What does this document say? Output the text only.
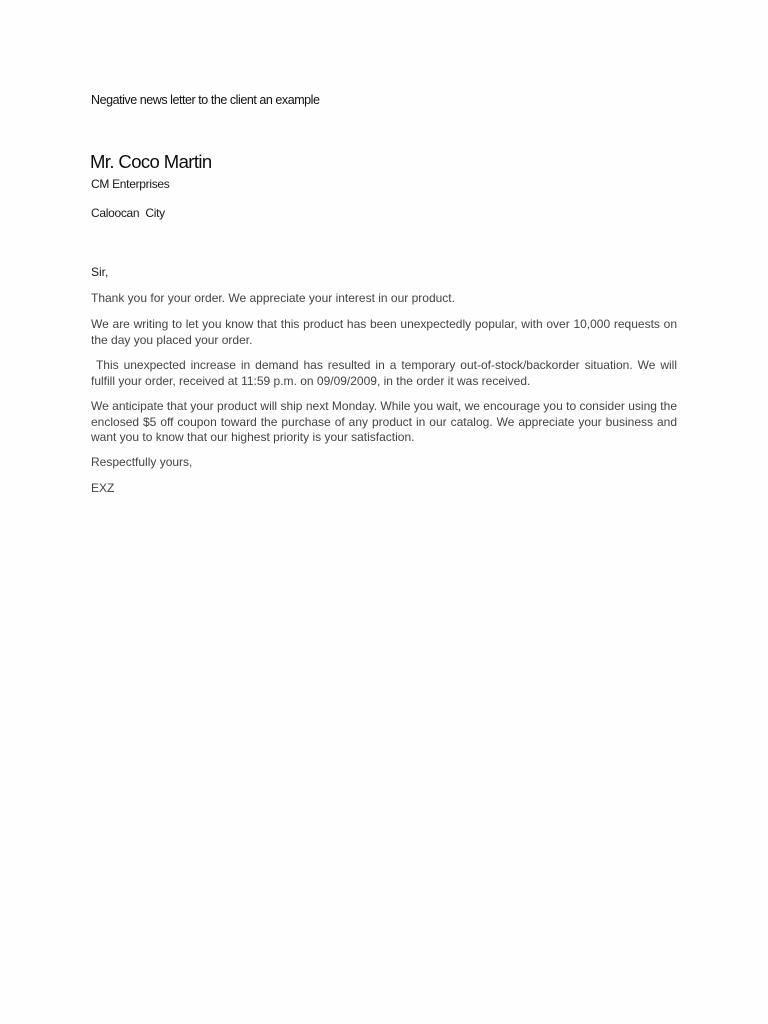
Negative news letter to the client an example
Mr. Coco Martin
CM Enterprises
Caloocan  City
Sir,

Thank you for your order. We appreciate your interest in our product.

We are writing to let you know that this product has been unexpectedly popular, with over 10,000 requests on the day you placed your order.

This unexpected increase in demand has resulted in a temporary out-of-stock/backorder situation. We will fulfill your order, received at 11:59 p.m. on 09/09/2009, in the order it was received.

We anticipate that your product will ship next Monday. While you wait, we encourage you to consider using the enclosed $5 off coupon toward the purchase of any product in our catalog. We appreciate your business and want you to know that our highest priority is your satisfaction.

Respectfully yours,
EXZ
